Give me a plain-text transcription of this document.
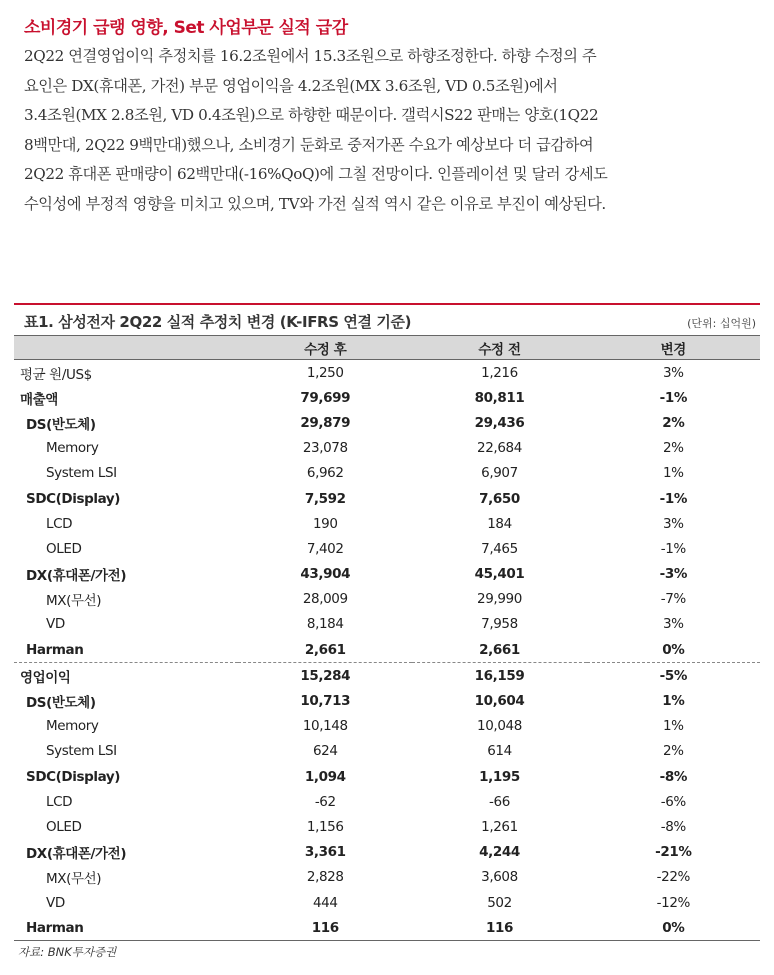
소비경기 급랭 영향, Set 사업부문 실적 급감
2Q22 연결영업이익 추정치를 16.2조원에서 15.3조원으로 하향조정한다. 하향 수정의 주
요인은 DX(휴대폰, 가전) 부문 영업이익을 4.2조원(MX 3.6조원, VD 0.5조원)에서
3.4조원(MX 2.8조원, VD 0.4조원)으로 하향한 때문이다. 갤럭시S22 판매는 양호(1Q22
8백만대, 2Q22 9백만대)했으나, 소비경기 둔화로 중저가폰 수요가 예상보다 더 급감하여
2Q22 휴대폰 판매량이 62백만대(-16%QoQ)에 그칠 전망이다. 인플레이션 및 달러 강세도
수익성에 부정적 영향을 미치고 있으며, TV와 가전 실적 역시 같은 이유로 부진이 예상된다.
표1. 삼성전자 2Q22 실적 추정치 변경 (K-IFRS 연결 기준)	(단위: 십억원)
	수정 후	수정 전	변경
평균 원/US$	1,250	1,216	3%
매출액	79,699	80,811	-1%
DS(반도체)	29,879	29,436	2%
Memory	23,078	22,684	2%
System LSI	6,962	6,907	1%
SDC(Display)	7,592	7,650	-1%
LCD	190	184	3%
OLED	7,402	7,465	-1%
DX(휴대폰/가전)	43,904	45,401	-3%
MX(무선)	28,009	29,990	-7%
VD	8,184	7,958	3%
Harman	2,661	2,661	0%
영업이익	15,284	16,159	-5%
DS(반도체)	10,713	10,604	1%
Memory	10,148	10,048	1%
System LSI	624	614	2%
SDC(Display)	1,094	1,195	-8%
LCD	-62	-66	-6%
OLED	1,156	1,261	-8%
DX(휴대폰/가전)	3,361	4,244	-21%
MX(무선)	2,828	3,608	-22%
VD	444	502	-12%
Harman	116	116	0%
자료: BNK투자증권
